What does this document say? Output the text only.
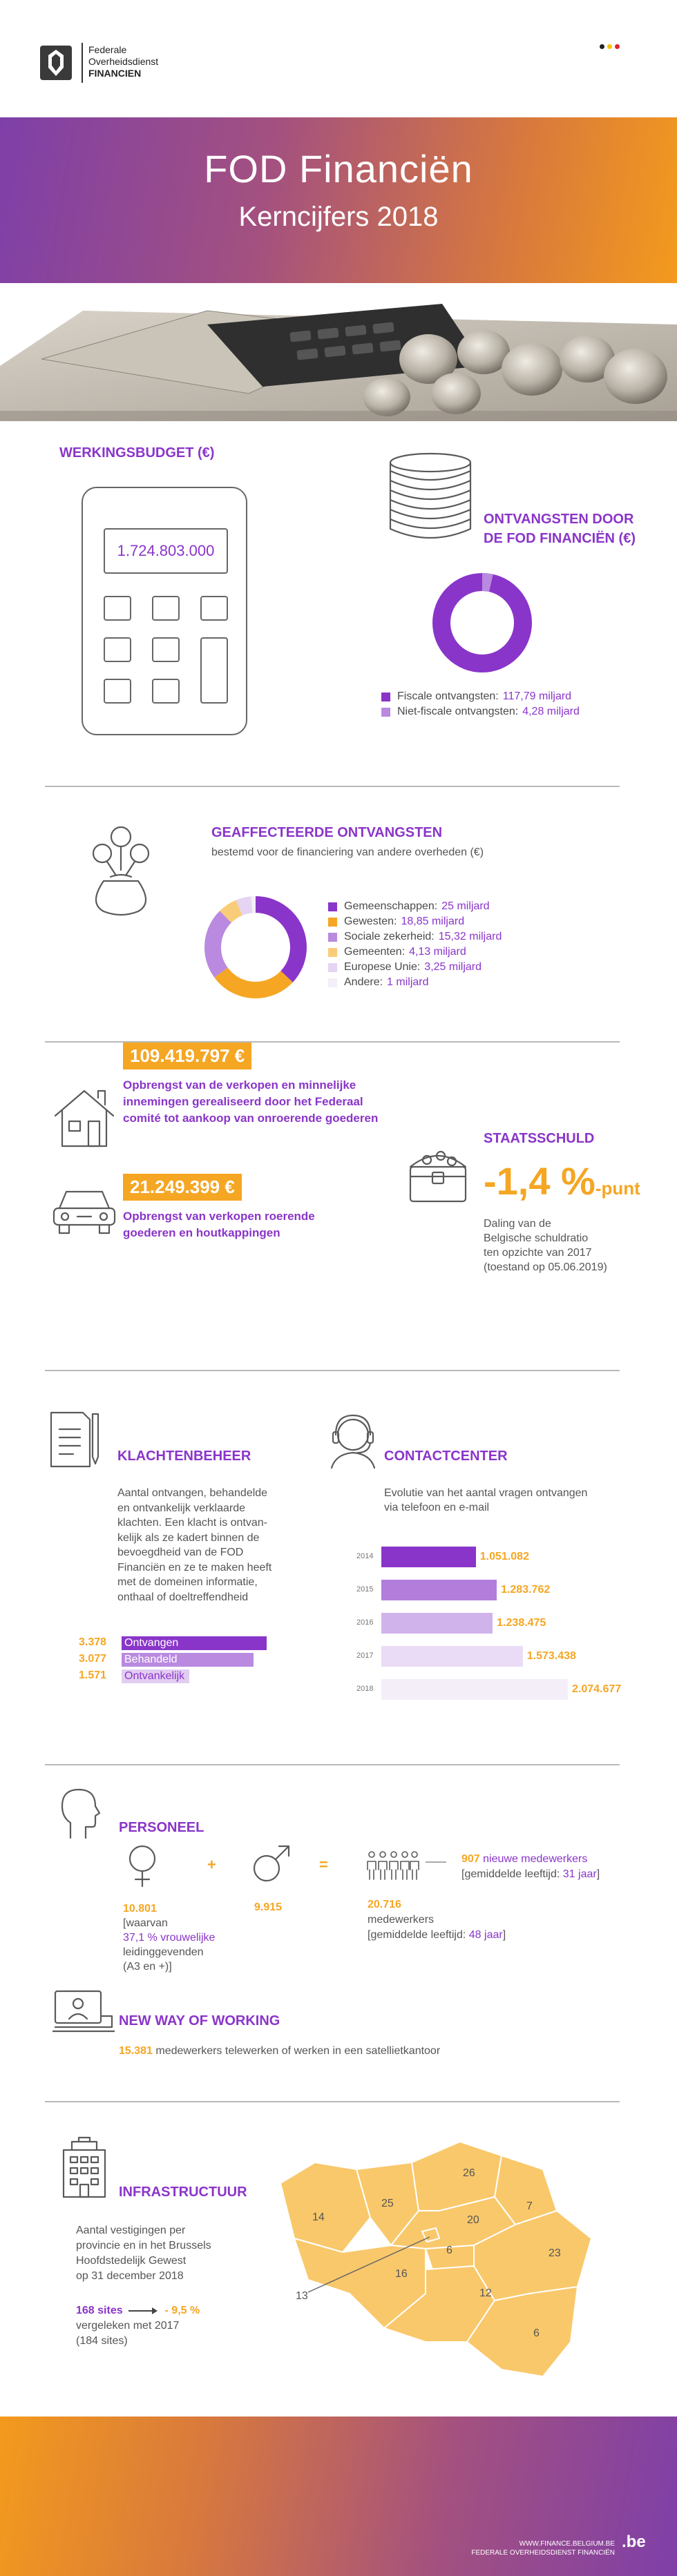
Federale
Overheidsdienst
FINANCIEN
FOD Financiën
Kerncijfers 2018
WERKINGSBUDGET (€)
1.724.803.000
ONTVANGSTEN DOOR
DE FOD FINANCIËN (€)
Fiscale ontvangsten: 117,79 miljard
Niet-fiscale ontvangsten: 4,28 miljard
GEAFFECTEERDE ONTVANGSTEN
bestemd voor de financiering van andere overheden (€)
Gemeenschappen: 25 miljard
Gewesten: 18,85 miljard
Sociale zekerheid: 15,32 miljard
Gemeenten: 4,13 miljard
Europese Unie: 3,25 miljard
Andere: 1 miljard
109.419.797 €
Opbrengst van de verkopen en minnelijke
innemingen gerealiseerd door het Federaal
comité tot aankoop van onroerende goederen
21.249.399 €
Opbrengst van verkopen roerende
goederen en houtkappingen
STAATSSCHULD
-1,4 %-punt
Daling van de
Belgische schuldratio
ten opzichte van 2017
(toestand op 05.06.2019)
KLACHTENBEHEER
Aantal ontvangen, behandelde
en ontvankelijk verklaarde
klachten. Een klacht is ontvan-
kelijk als ze kadert binnen de
bevoegdheid van de FOD
Financiën en ze te maken heeft
met de domeinen informatie,
onthaal of doeltreffendheid
3.378 Ontvangen
3.077 Behandeld
1.571 Ontvankelijk
CONTACTCENTER
Evolutie van het aantal vragen ontvangen
via telefoon en e-mail
2014	1.051.082
2015	1.283.762
2016	1.238.475
2017	1.573.438
2018	2.074.677
PERSONEEL
+	=	907 nieuwe medewerkers
[gemiddelde leeftijd: 31 jaar]
10.801
[waarvan
37,1 % vrouwelijke
leidinggevenden
(A3 en +)]
9.915	20.716
medewerkers
[gemiddelde leeftijd: 48 jaar]
NEW WAY OF WORKING
15.381 medewerkers telewerken of werken in een satellietkantoor
INFRASTRUCTUUR
Aantal vestigingen per
provincie en in het Brussels
Hoofdstedelijk Gewest
op 31 december 2018
168 sites	- 9,5 %
vergeleken met 2017
(184 sites)
14
25
26
7
20
6	23
16
12
6
13
WWW.FINANCE.BELGIUM.BE
FEDERALE OVERHEIDSDIENST FINANCIËN
.be
